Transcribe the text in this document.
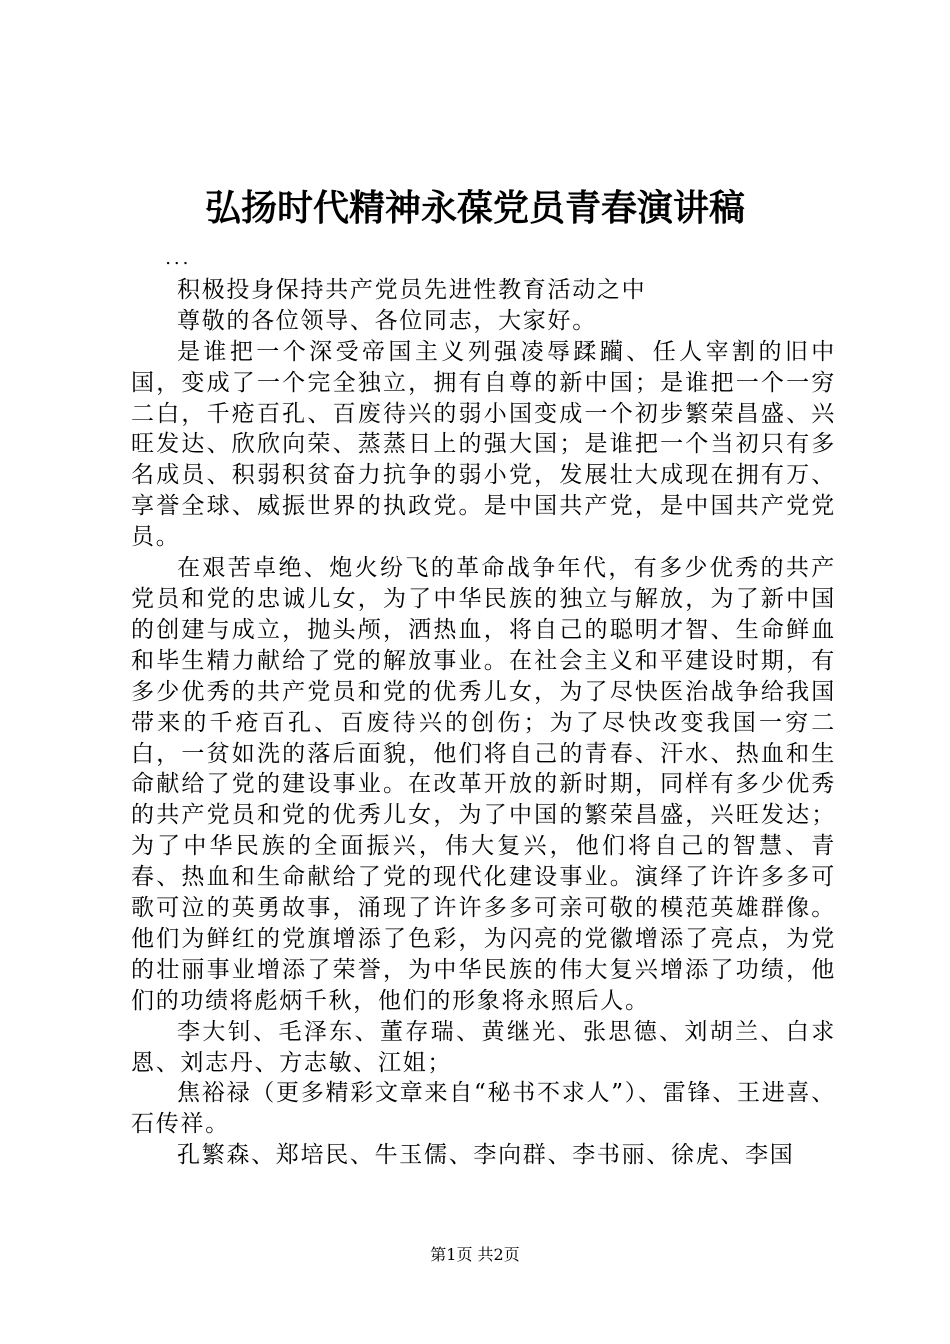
弘扬时代精神永葆党员青春演讲稿

...

积极投身保持共产党员先进性教育活动之中

尊敬的各位领导、各位同志，大家好。

是谁把一个深受帝国主义列强凌辱蹂躏、任人宰割的旧中国，变成了一个完全独立，拥有自尊的新中国；是谁把一个一穷二白，千疮百孔、百废待兴的弱小国变成一个初步繁荣昌盛、兴旺发达、欣欣向荣、蒸蒸日上的强大国；是谁把一个当初只有多名成员、积弱积贫奋力抗争的弱小党，发展壮大成现在拥有万、享誉全球、威振世界的执政党。是中国共产党，是中国共产党党员。

在艰苦卓绝、炮火纷飞的革命战争年代，有多少优秀的共产党员和党的忠诚儿女，为了中华民族的独立与解放，为了新中国的创建与成立，抛头颅，洒热血，将自己的聪明才智、生命鲜血和毕生精力献给了党的解放事业。在社会主义和平建设时期，有多少优秀的共产党员和党的优秀儿女，为了尽快医治战争给我国带来的千疮百孔、百废待兴的创伤；为了尽快改变我国一穷二白，一贫如洗的落后面貌，他们将自己的青春、汗水、热血和生命献给了党的建设事业。在改革开放的新时期，同样有多少优秀的共产党员和党的优秀儿女，为了中国的繁荣昌盛，兴旺发达；为了中华民族的全面振兴，伟大复兴，他们将自己的智慧、青春、热血和生命献给了党的现代化建设事业。演绎了许许多多可歌可泣的英勇故事，涌现了许许多多可亲可敬的模范英雄群像。他们为鲜红的党旗增添了色彩，为闪亮的党徽增添了亮点，为党的壮丽事业增添了荣誉，为中华民族的伟大复兴增添了功绩，他们的功绩将彪炳千秋，他们的形象将永照后人。

李大钊、毛泽东、董存瑞、黄继光、张思德、刘胡兰、白求恩、刘志丹、方志敏、江姐；

焦裕禄（更多精彩文章来自“秘书不求人”）、雷锋、王进喜、石传祥。

孔繁森、郑培民、牛玉儒、李向群、李书丽、徐虎、李国

第1页 共2页
